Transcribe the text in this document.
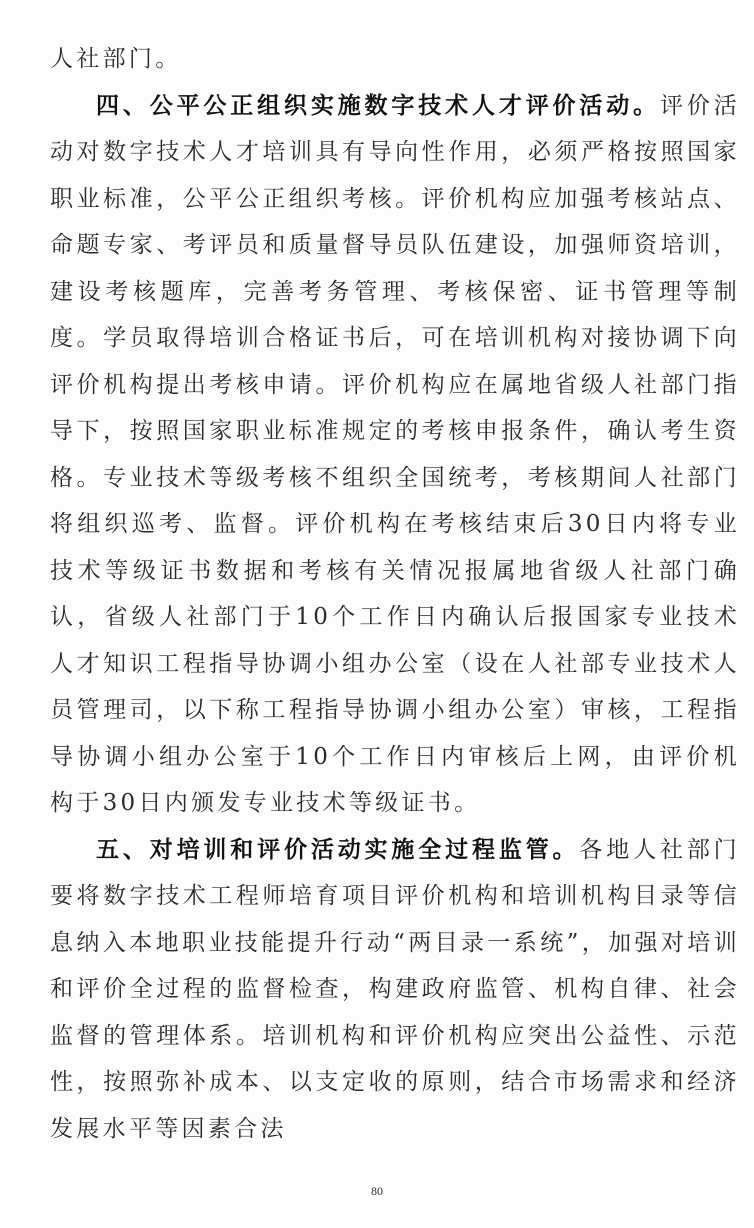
人社部门。

四、公平公正组织实施数字技术人才评价活动。评价活动对数字技术人才培训具有导向性作用，必须严格按照国家职业标准，公平公正组织考核。评价机构应加强考核站点、命题专家、考评员和质量督导员队伍建设，加强师资培训，建设考核题库，完善考务管理、考核保密、证书管理等制度。学员取得培训合格证书后，可在培训机构对接协调下向评价机构提出考核申请。评价机构应在属地省级人社部门指导下，按照国家职业标准规定的考核申报条件，确认考生资格。专业技术等级考核不组织全国统考，考核期间人社部门将组织巡考、监督。评价机构在考核结束后30日内将专业技术等级证书数据和考核有关情况报属地省级人社部门确认，省级人社部门于10个工作日内确认后报国家专业技术人才知识工程指导协调小组办公室（设在人社部专业技术人员管理司，以下称工程指导协调小组办公室）审核，工程指导协调小组办公室于10个工作日内审核后上网，由评价机构于30日内颁发专业技术等级证书。

五、对培训和评价活动实施全过程监管。各地人社部门要将数字技术工程师培育项目评价机构和培训机构目录等信息纳入本地职业技能提升行动“两目录一系统”，加强对培训和评价全过程的监督检查，构建政府监管、机构自律、社会监督的管理体系。培训机构和评价机构应突出公益性、示范性，按照弥补成本、以支定收的原则，结合市场需求和经济发展水平等因素合法

80
